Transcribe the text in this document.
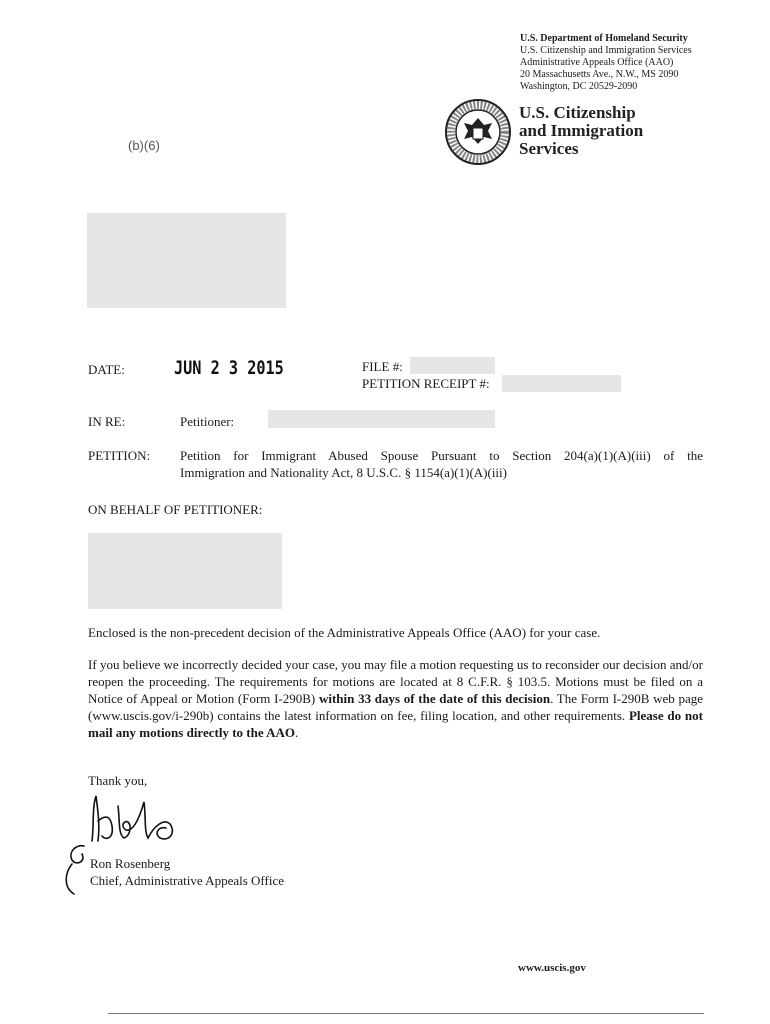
U.S. Department of Homeland Security
U.S. Citizenship and Immigration Services
Administrative Appeals Office (AAO)
20 Massachusetts Ave., N.W., MS 2090
Washington, DC 20529-2090
U.S. Citizenship
and Immigration
Services
(b)(6)
DATE:	JUN 2 3 2015	FILE #:
PETITION RECEIPT #:
IN RE:	Petitioner:
PETITION: Petition for Immigrant Abused Spouse Pursuant to Section 204(a)(1)(A)(iii) of the
Immigration and Nationality Act, 8 U.S.C. § 1154(a)(1)(A)(iii)
ON BEHALF OF PETITIONER:
Enclosed is the non-precedent decision of the Administrative Appeals Office (AAO) for your case.
If you believe we incorrectly decided your case, you may file a motion requesting us to reconsider our decision and/or reopen the proceeding. The requirements for motions are located at 8 C.F.R. § 103.5. Motions must be filed on a Notice of Appeal or Motion (Form I-290B) within 33 days of the date of this decision. The Form I-290B web page (www.uscis.gov/i-290b) contains the latest information on fee, filing location, and other requirements. Please do not mail any motions directly to the AAO.
Thank you,
Ron Rosenberg
Chief, Administrative Appeals Office
www.uscis.gov
